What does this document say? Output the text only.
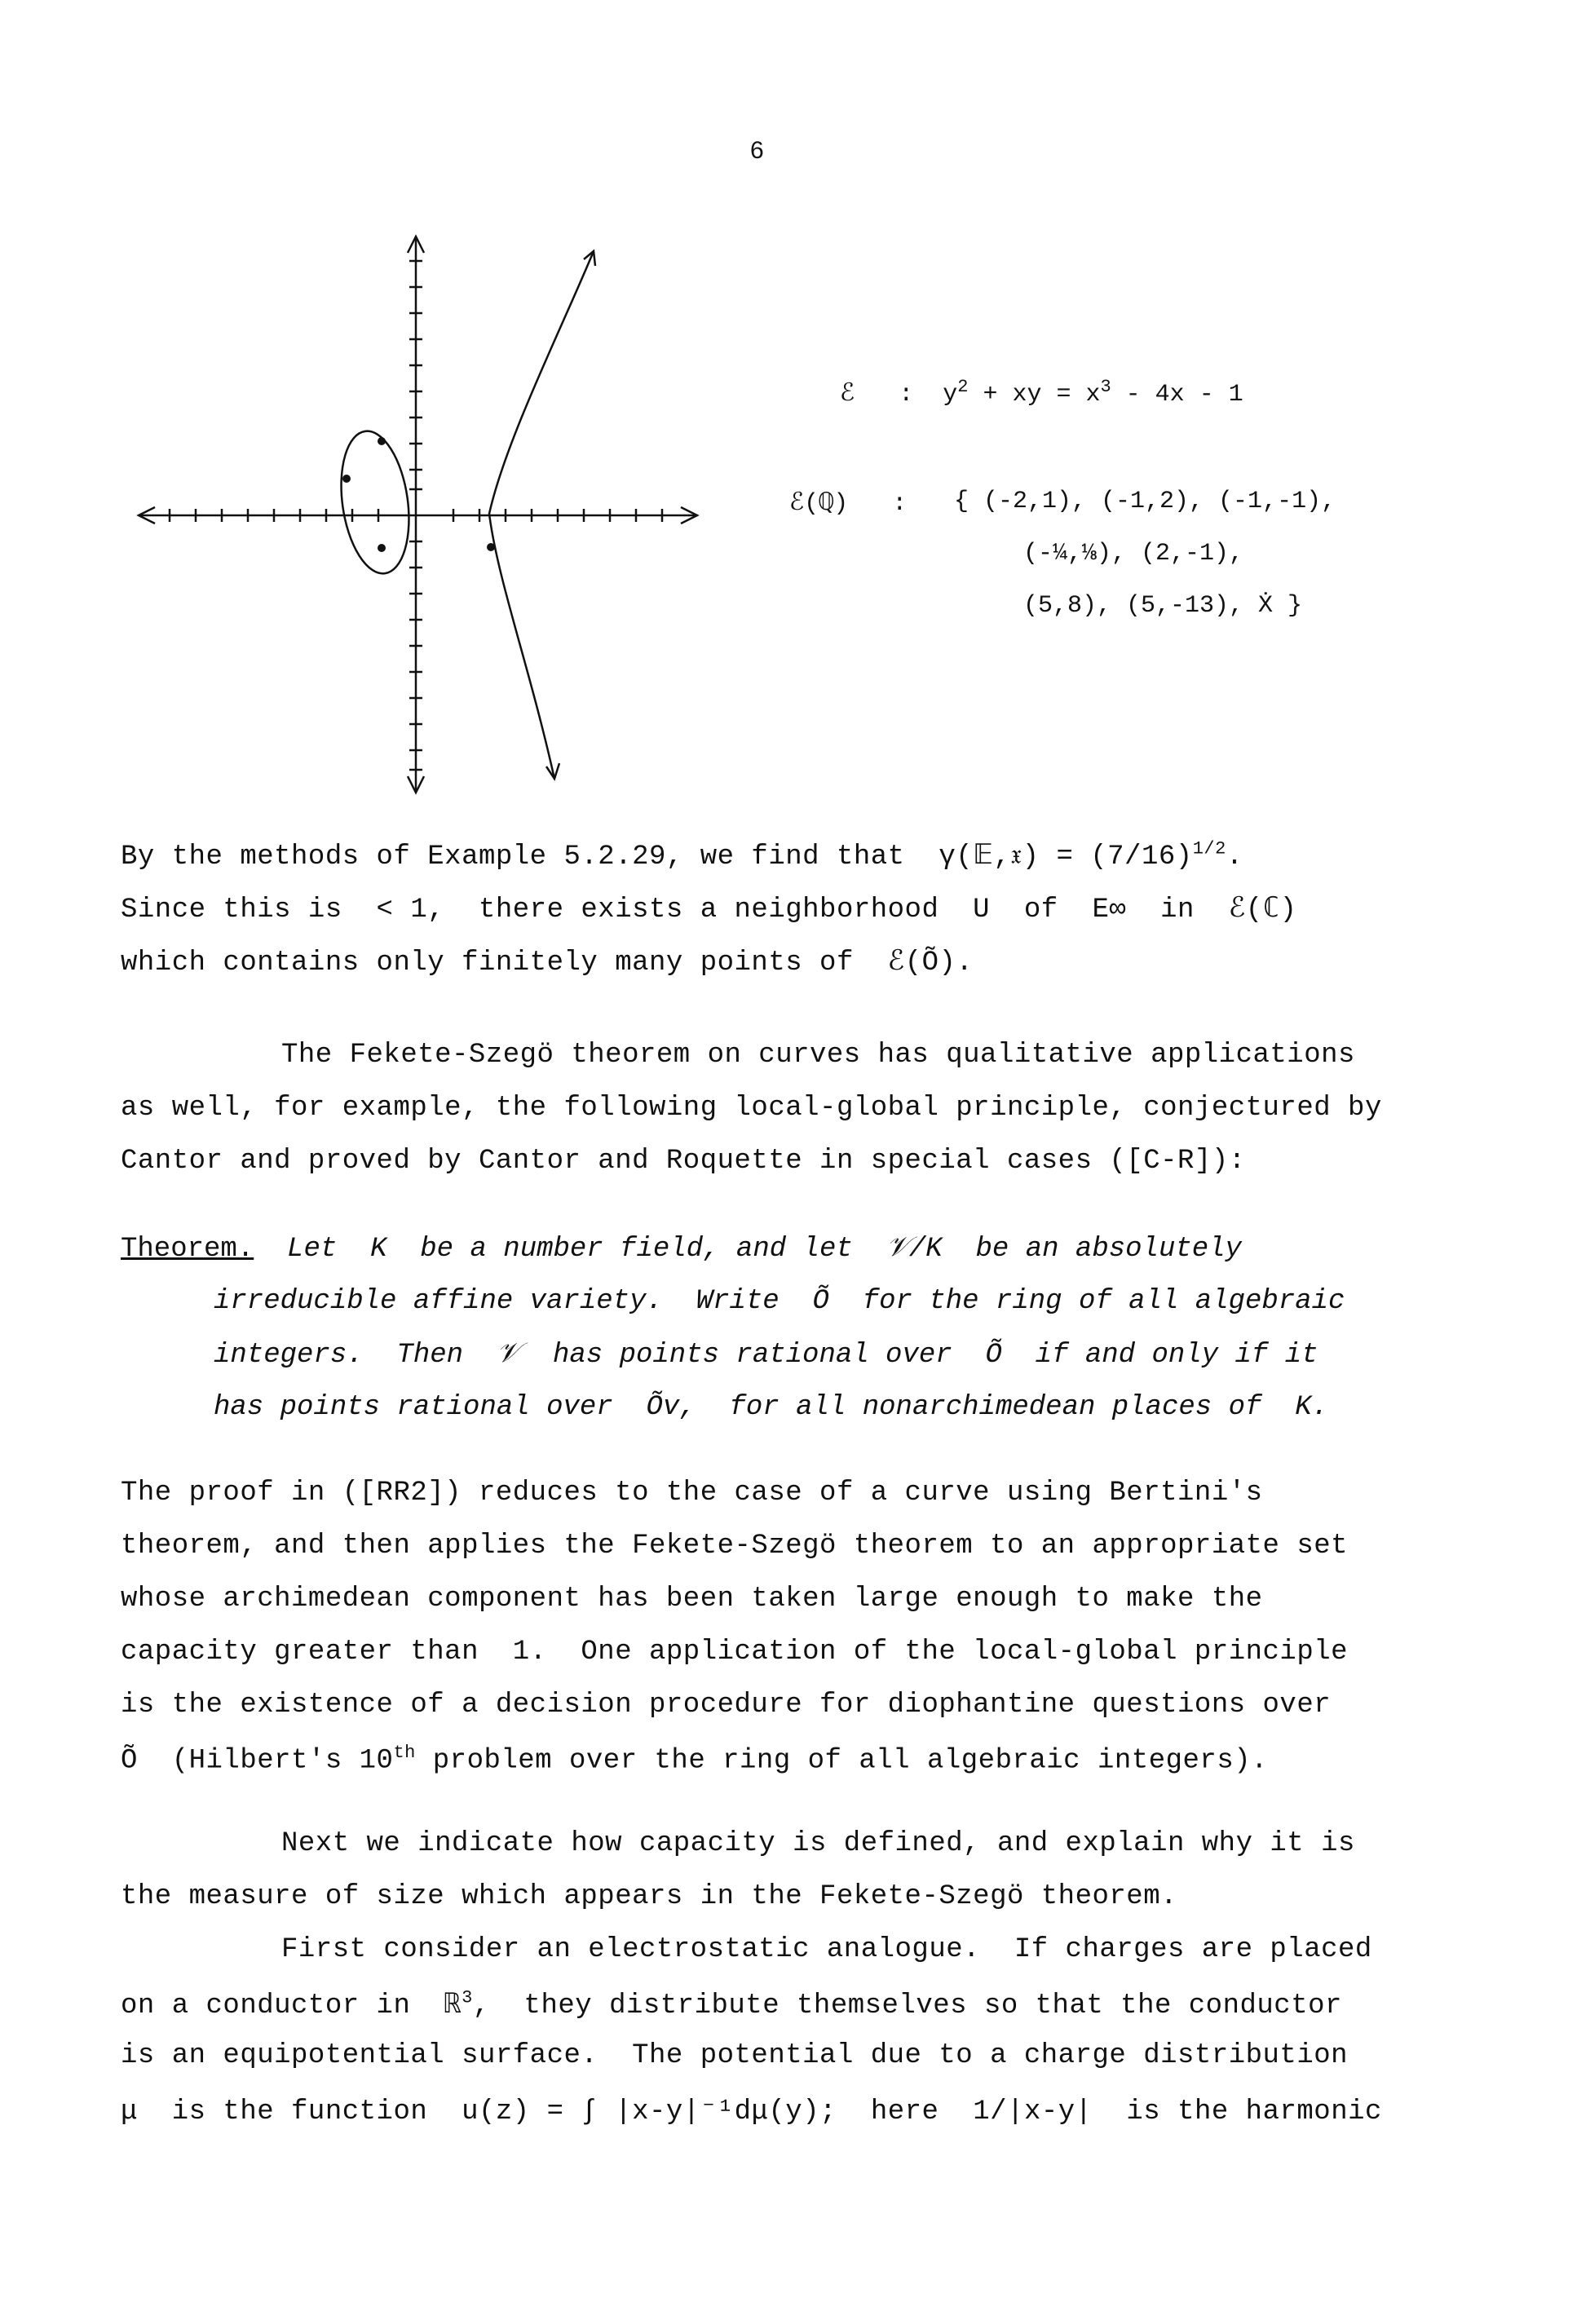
6
ℰ : $y^2$ + xy = $x^3 - 4x - 1$
ℰ(ℚ) : { (-2,1), (-1,2), (-1,-1),
(-¼,⅛), (2,-1),
(5,8), (5,-13), Ẋ }
By the methods of Example 5.2.29, we find that  γ(𝔼,𝔵) = $(7/16)^{1/2}$.
Since this is  < 1,  there exists a neighborhood  U  of  E∞  in  ℰ(ℂ)
which contains only finitely many points of  ℰ(Õ).
The Fekete-Szegö theorem on curves has qualitative applications
as well, for example, the following local-global principle, conjectured by
Cantor and proved by Cantor and Roquette in special cases ([C-R]):
Theorem. Let  K  be a number field, and let  𝒱/K  be an absolutely
irreducible affine variety.  Write  Õ  for the ring of all algebraic
integers.  Then  𝒱  has points rational over  Õ  if and only if it
has points rational over  Õv,  for all nonarchimedean places of  K.
The proof in ([RR2]) reduces to the case of a curve using Bertini's
theorem, and then applies the Fekete-Szegö theorem to an appropriate set
whose archimedean component has been taken large enough to make the
capacity greater than  1.  One application of the local-global principle
is the existence of a decision procedure for diophantine questions over
Õ  (Hilbert's 10th problem over the ring of all algebraic integers).
Next we indicate how capacity is defined, and explain why it is
the measure of size which appears in the Fekete-Szegö theorem.
First consider an electrostatic analogue.  If charges are placed
on a conductor in  ℝ$^3$,  they distribute themselves so that the conductor
is an equipotential surface.  The potential due to a charge distribution
μ  is the function  u(z) = ∫ |x-y|⁻¹dμ(y);  here  1/|x-y|  is the harmonic
